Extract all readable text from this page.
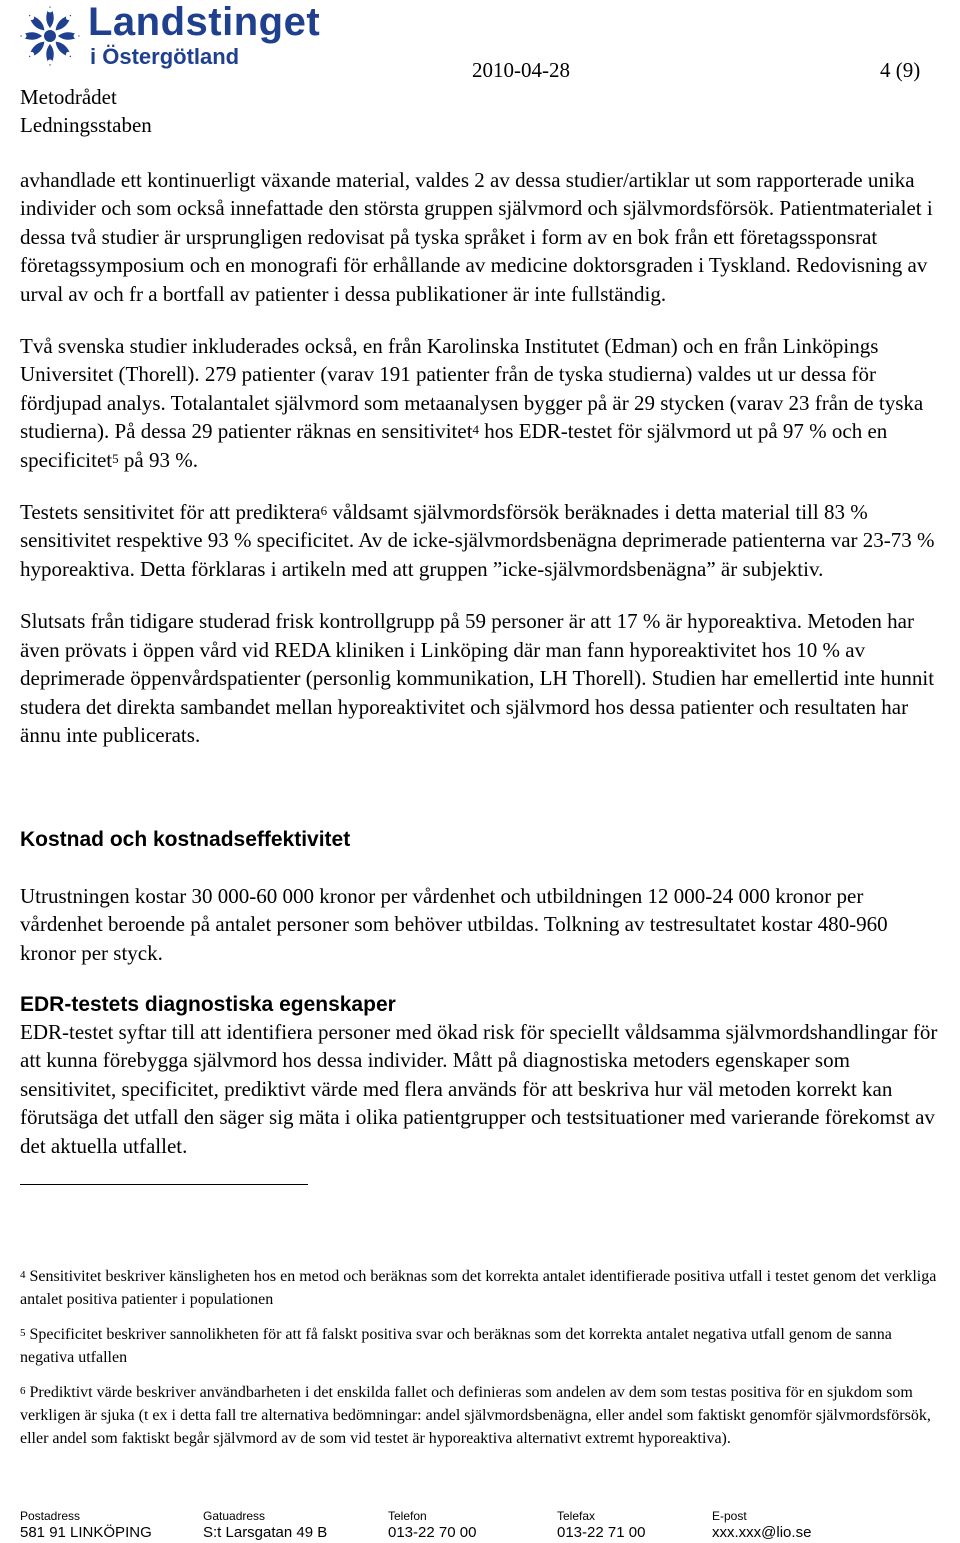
Landstinget
i Östergötland
Metodrådet
Ledningsstaben
2010-04-28	4 (9)

avhandlade ett kontinuerligt växande material, valdes 2 av dessa studier/artiklar ut som rapporterade unika individer och som också innefattade den största gruppen självmord och självmordsförsök. Patientmaterialet i dessa två studier är ursprungligen redovisat på tyska språket i form av en bok från ett företagssponsrat företagssymposium och en monografi för erhållande av medicine doktorsgraden i Tyskland. Redovisning av urval av och fr a bortfall av patienter i dessa publikationer är inte fullständig.

Två svenska studier inkluderades också, en från Karolinska Institutet (Edman) och en från Linköpings Universitet (Thorell). 279 patienter (varav 191 patienter från de tyska studierna) valdes ut ur dessa för fördjupad analys. Totalantalet självmord som metaanalysen bygger på är 29 stycken (varav 23 från de tyska studierna). På dessa 29 patienter räknas en sensitivitet$^4$ hos EDR-testet för självmord ut på 97 % och en specificitet$^5$ på 93 %.

Testets sensitivitet för att prediktera$^6$ våldsamt självmordsförsök beräknades i detta material till 83 % sensitivitet respektive 93 % specificitet. Av de icke-självmordsbenägna deprimerade patienterna var 23-73 % hyporeaktiva. Detta förklaras i artikeln med att gruppen ”icke-självmordsbenägna” är subjektiv.

Slutsats från tidigare studerad frisk kontrollgrupp på 59 personer är att 17 % är hyporeaktiva. Metoden har även prövats i öppen vård vid REDA kliniken i Linköping där man fann hyporeaktivitet hos 10 % av deprimerade öppenvårdspatienter (personlig kommunikation, LH Thorell). Studien har emellertid inte hunnit studera det direkta sambandet mellan hyporeaktivitet och självmord hos dessa patienter och resultaten har ännu inte publicerats.

Kostnad och kostnadseffektivitet

Utrustningen kostar 30 000-60 000 kronor per vårdenhet och utbildningen 12 000-24 000 kronor per vårdenhet beroende på antalet personer som behöver utbildas. Tolkning av testresultatet kostar 480-960 kronor per styck.

EDR-testets diagnostiska egenskaper

EDR-testet syftar till att identifiera personer med ökad risk för speciellt våldsamma självmordshandlingar för att kunna förebygga självmord hos dessa individer. Mått på diagnostiska metoders egenskaper som sensitivitet, specificitet, prediktivt värde med flera används för att beskriva hur väl metoden korrekt kan förutsäga det utfall den säger sig mäta i olika patientgrupper och testsituationer med varierande förekomst av det aktuella utfallet.

$^4$ Sensitivitet beskriver känsligheten hos en metod och beräknas som det korrekta antalet identifierade positiva utfall i testet genom det verkliga antalet positiva patienter i populationen
$^5$ Specificitet beskriver sannolikheten för att få falskt positiva svar och beräknas som det korrekta antalet negativa utfall genom de sanna negativa utfallen
$^6$ Prediktivt värde beskriver användbarheten i det enskilda fallet och definieras som andelen av dem som testas positiva för en sjukdom som verkligen är sjuka (t ex i detta fall tre alternativa bedömningar: andel självmordsbenägna, eller andel som faktiskt genomför självmordsförsök, eller andel som faktiskt begår självmord av de som vid testet är hyporeaktiva alternativt extremt hyporeaktiva).
Postadress	Gatuadress	Telefon	Telefax	E-post
581 91 LINKÖPING	S:t Larsgatan 49 B	013-22 70 00	013-22 71 00	xxx.xxx@lio.se
